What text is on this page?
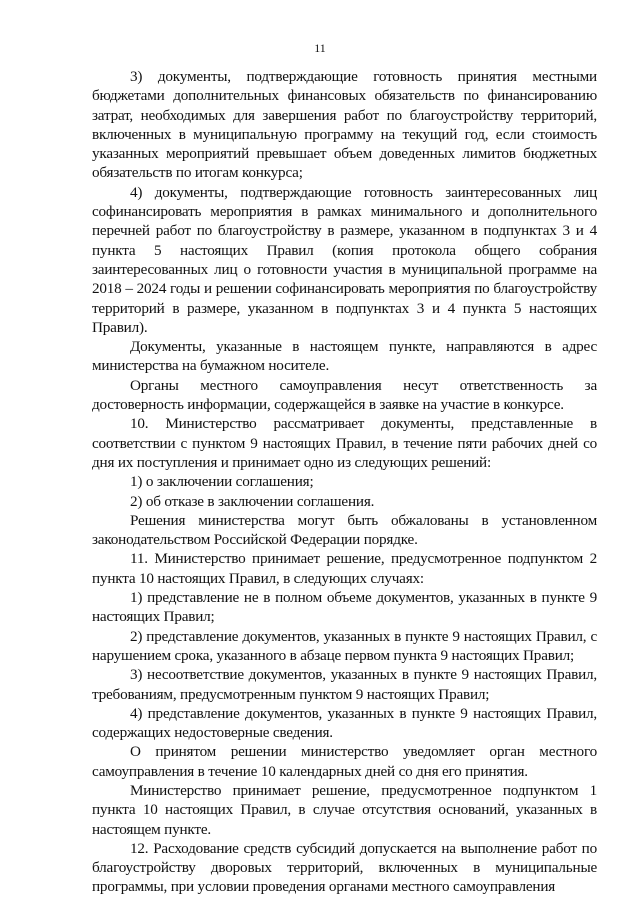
11

3) документы, подтверждающие готовность принятия местными бюджетами дополнительных финансовых обязательств по финансированию затрат, необходимых для завершения работ по благоустройству территорий, включенных в муниципальную программу на текущий год, если стоимость указанных мероприятий превышает объем доведенных лимитов бюджетных обязательств по итогам конкурса;

4) документы, подтверждающие готовность заинтересованных лиц софинансировать мероприятия в рамках минимального и дополнительного перечней работ по благоустройству в размере, указанном в подпунктах 3 и 4 пункта 5 настоящих Правил (копия протокола общего собрания заинтересованных лиц о готовности участия в муниципальной программе на 2018 – 2024 годы и решении софинансировать мероприятия по благоустройству территорий в размере, указанном в подпунктах 3 и 4 пункта 5 настоящих Правил).

Документы, указанные в настоящем пункте, направляются в адрес министерства на бумажном носителе.

Органы местного самоуправления несут ответственность за достоверность информации, содержащейся в заявке на участие в конкурсе.

10. Министерство рассматривает документы, представленные в соответствии с пунктом 9 настоящих Правил, в течение пяти рабочих дней со дня их поступления и принимает одно из следующих решений:

1) о заключении соглашения;

2) об отказе в заключении соглашения.

Решения министерства могут быть обжалованы в установленном законодательством Российской Федерации порядке.

11. Министерство принимает решение, предусмотренное подпунктом 2 пункта 10 настоящих Правил, в следующих случаях:

1) представление не в полном объеме документов, указанных в пункте 9 настоящих Правил;

2) представление документов, указанных в пункте 9 настоящих Правил, с нарушением срока, указанного в абзаце первом пункта 9 настоящих Правил;

3) несоответствие документов, указанных в пункте 9 настоящих Правил, требованиям, предусмотренным пунктом 9 настоящих Правил;

4) представление документов, указанных в пункте 9 настоящих Правил, содержащих недостоверные сведения.

О принятом решении министерство уведомляет орган местного самоуправления в течение 10 календарных дней со дня его принятия.

Министерство принимает решение, предусмотренное подпунктом 1 пункта 10 настоящих Правил, в случае отсутствия оснований, указанных в настоящем пункте.

12. Расходование средств субсидий допускается на выполнение работ по благоустройству дворовых территорий, включенных в муниципальные программы, при условии проведения органами местного самоуправления
